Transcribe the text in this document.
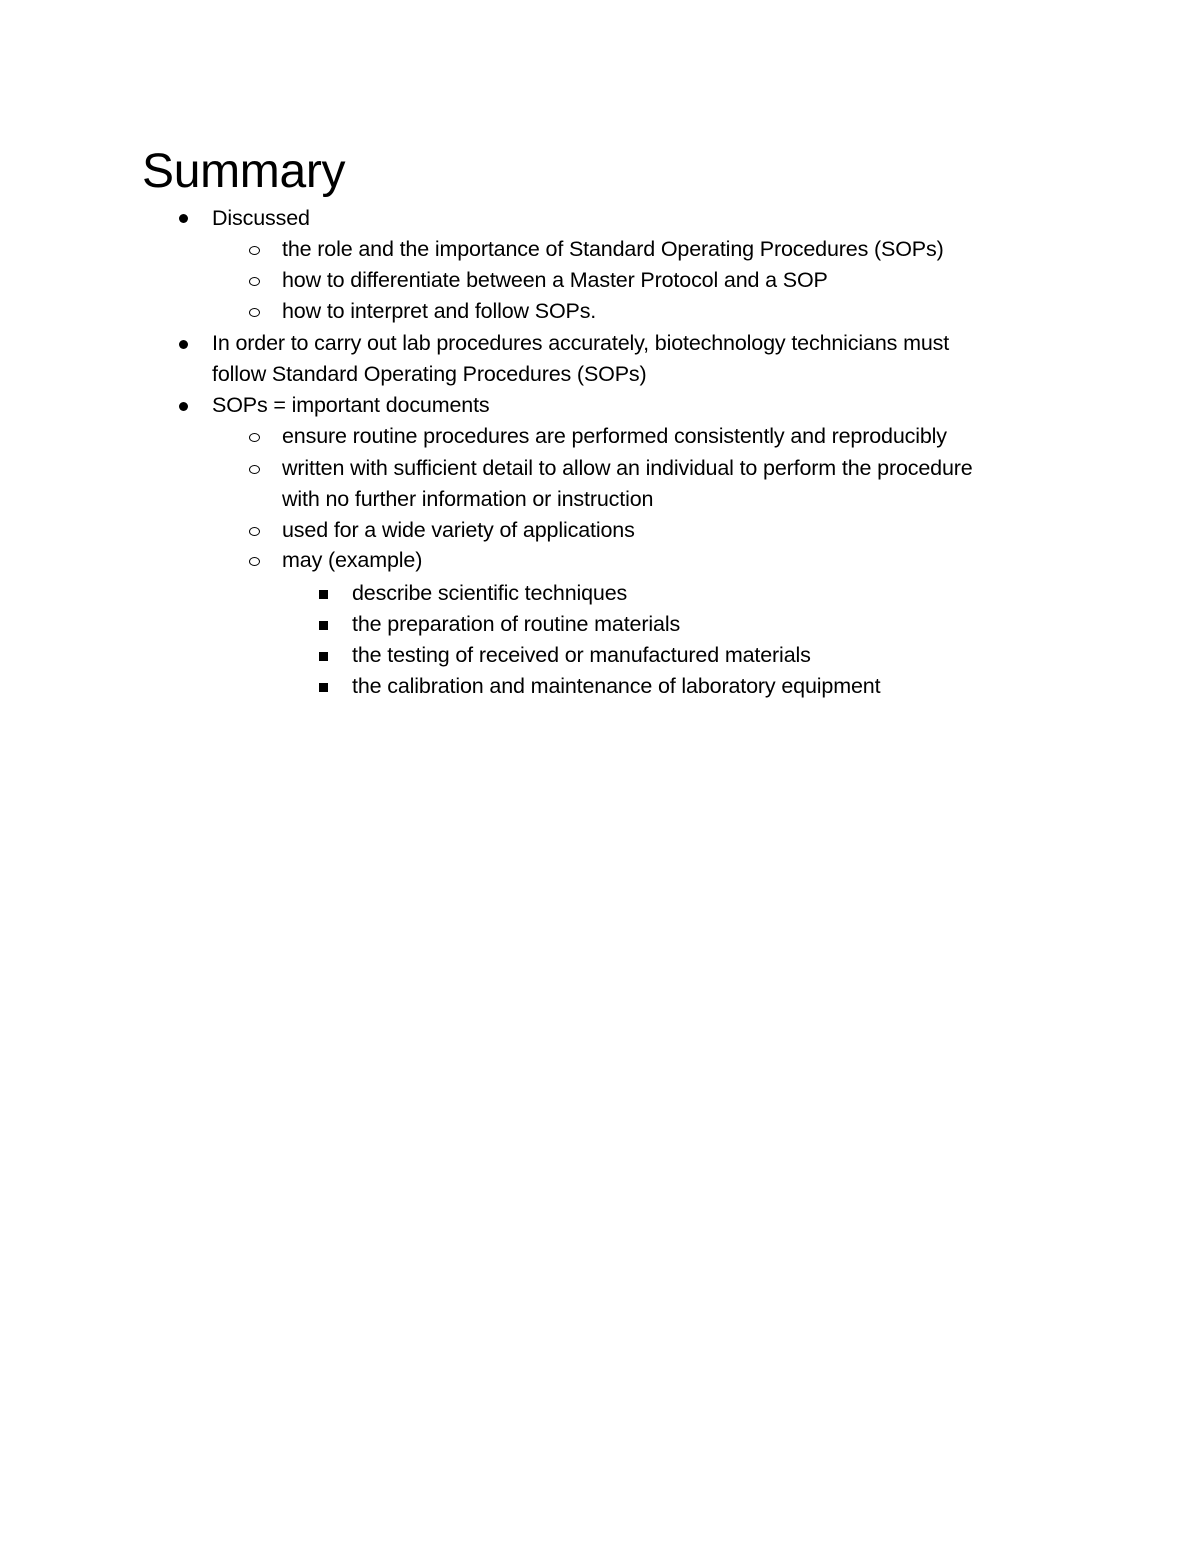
Summary
Discussed
the role and the importance of Standard Operating Procedures (SOPs)
how to differentiate between a Master Protocol and a SOP
how to interpret and follow SOPs.
In order to carry out lab procedures accurately, biotechnology technicians must
follow Standard Operating Procedures (SOPs)
SOPs = important documents
ensure routine procedures are performed consistently and reproducibly
written with sufficient detail to allow an individual to perform the procedure
with no further information or instruction
used for a wide variety of applications
may (example)
describe scientific techniques
the preparation of routine materials
the testing of received or manufactured materials
the calibration and maintenance of laboratory equipment
